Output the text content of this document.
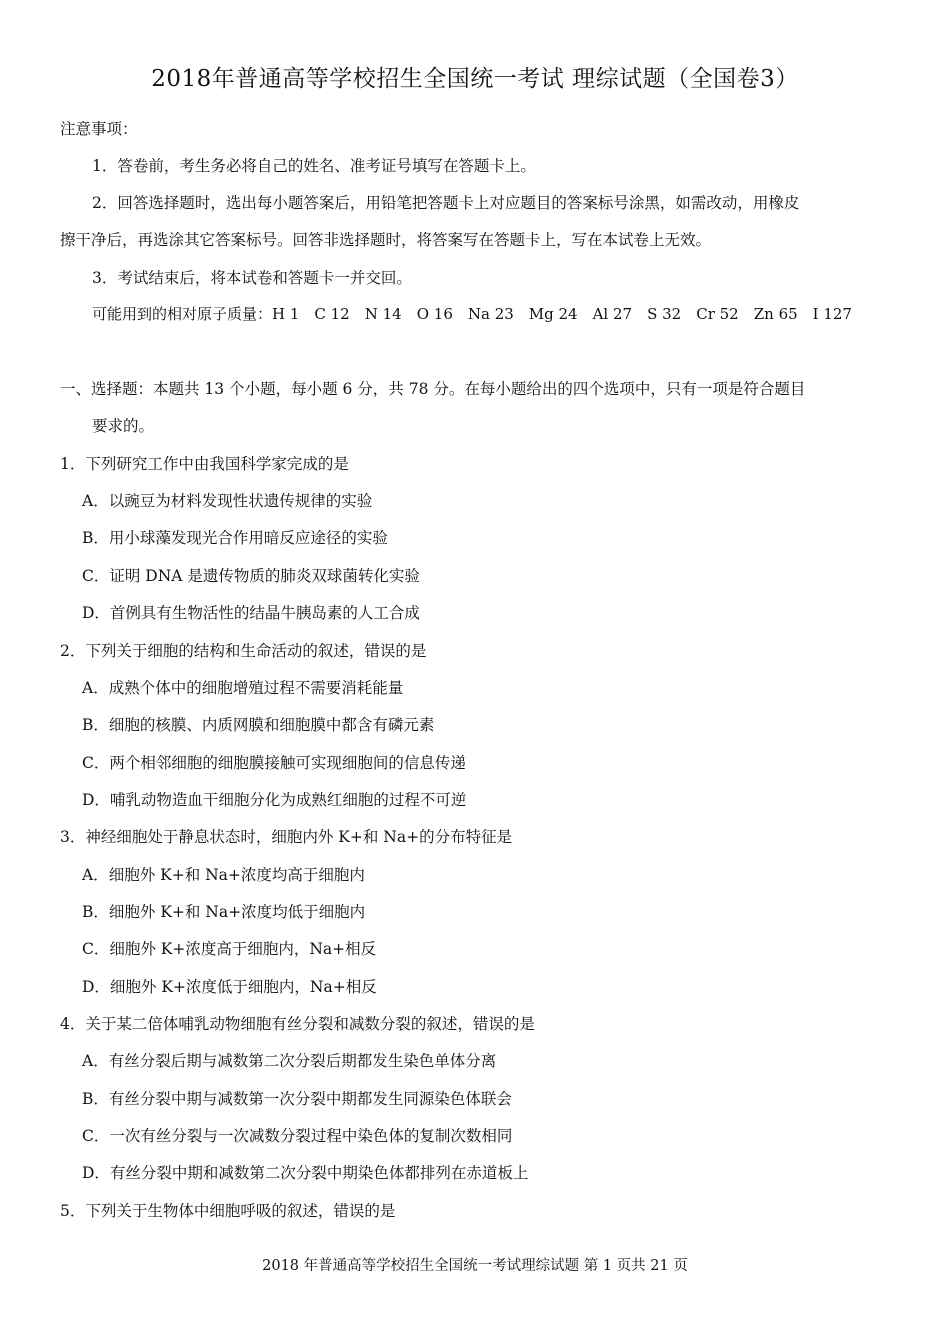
2018年普通高等学校招生全国统一考试 理综试题（全国卷3）
注意事项：
1．答卷前，考生务必将自己的姓名、准考证号填写在答题卡上。
2．回答选择题时，选出每小题答案后，用铅笔把答题卡上对应题目的答案标号涂黑，如需改动，用橡皮
擦干净后，再选涂其它答案标号。回答非选择题时，将答案写在答题卡上，写在本试卷上无效。
3．考试结束后，将本试卷和答题卡一并交回。
可能用到的相对原子质量：H 1　C 12　N 14　O 16　Na 23　Mg 24　Al 27　S 32　Cr 52　Zn 65　I 127
一、选择题：本题共 13 个小题，每小题 6 分，共 78 分。在每小题给出的四个选项中，只有一项是符合题目
要求的。
1．下列研究工作中由我国科学家完成的是
A．以豌豆为材料发现性状遗传规律的实验
B．用小球藻发现光合作用暗反应途径的实验
C．证明 DNA 是遗传物质的肺炎双球菌转化实验
D．首例具有生物活性的结晶牛胰岛素的人工合成
2．下列关于细胞的结构和生命活动的叙述，错误的是
A．成熟个体中的细胞增殖过程不需要消耗能量
B．细胞的核膜、内质网膜和细胞膜中都含有磷元素
C．两个相邻细胞的细胞膜接触可实现细胞间的信息传递
D．哺乳动物造血干细胞分化为成熟红细胞的过程不可逆
3．神经细胞处于静息状态时，细胞内外 K+和 Na+的分布特征是
A．细胞外 K+和 Na+浓度均高于细胞内
B．细胞外 K+和 Na+浓度均低于细胞内
C．细胞外 K+浓度高于细胞内，Na+相反
D．细胞外 K+浓度低于细胞内，Na+相反
4．关于某二倍体哺乳动物细胞有丝分裂和减数分裂的叙述，错误的是
A．有丝分裂后期与减数第二次分裂后期都发生染色单体分离
B．有丝分裂中期与减数第一次分裂中期都发生同源染色体联会
C．一次有丝分裂与一次减数分裂过程中染色体的复制次数相同
D．有丝分裂中期和减数第二次分裂中期染色体都排列在赤道板上
5．下列关于生物体中细胞呼吸的叙述，错误的是
2018 年普通高等学校招生全国统一考试理综试题 第 1 页共 21 页
